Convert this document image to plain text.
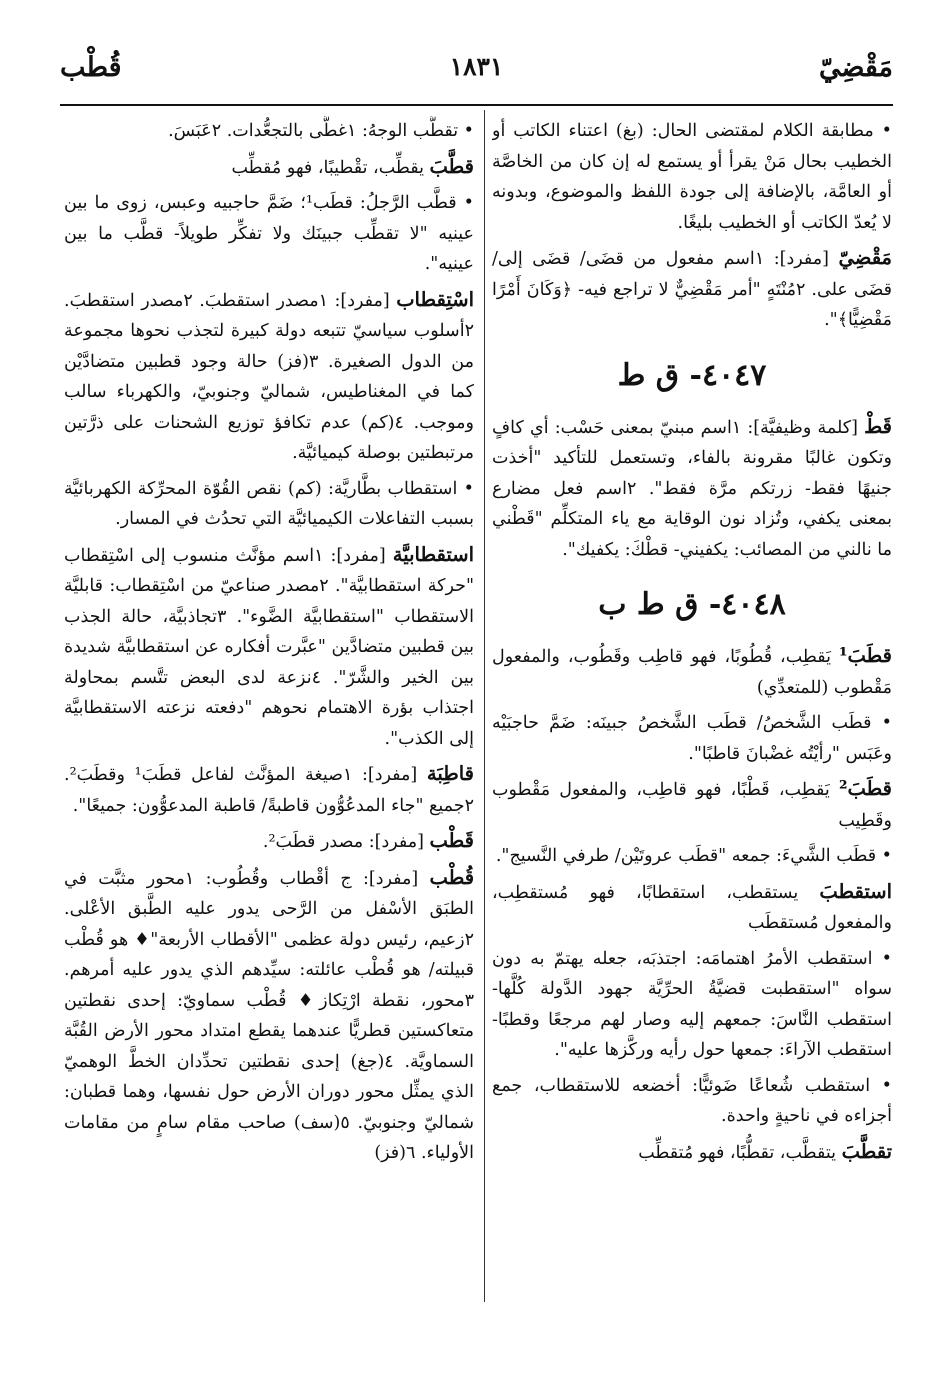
مَقْضِيّ
١٨٣١
قُطْب

• مطابقة الكلام لمقتضى الحال: (بغ) اعتناء الكاتب أو الخطيب بحال مَنْ يقرأ أو يستمع له إن كان من الخاصَّة أو العامَّة، بالإضافة إلى جودة اللفظ والموضوع، وبدونه لا يُعدّ الكاتب أو الخطيب بليغًا.

مَقْضِيّ [مفرد]: ١اسم مفعول من قضَى/ قضَى إلى/ قضَى على. ٢مُنْتَهٍ "أمر مَقْضِيٌّ لا تراجع فيه- ﴿وَكَانَ أَمْرًا مَقْضِيًّا﴾".

٤٠٤٧- ق ط

قَطْ [كلمة وظيفيَّة]: ١اسم مبنيّ بمعنى حَسْب: أي كافٍ وتكون غالبًا مقرونة بالفاء، وتستعمل للتأكيد "أخذت جنيهًا فقط- زرتكم مرَّة فقط". ٢اسم فعل مضارع بمعنى يكفي، وتُزاد نون الوقاية مع ياء المتكلِّم "قَطْني ما نالني من المصائب: يكفيني- قطْكَ: يكفيك".

٤٠٤٨- ق ط ب

قطَبَ¹ يَقطِب، قُطُوبًا، فهو قاطِب وقَطُوب، والمفعول مَقْطوب (للمتعدِّي)

• قطَب الشَّخصُ/ قطَب الشَّخصُ جبينَه: ضَمَّ حاجبَيْه وعَبَس "رأيْتُه غضْبانَ قاطبًا".

قطَبَ² يَقطِب، قَطْبًا، فهو قاطِب، والمفعول مَقْطوب وقَطِيب

• قطَب الشَّيءَ: جمعه "قطَب عروتَيْن/ طرفي النَّسيج".

استقطبَ يستقطب، استقطابًا، فهو مُستقطِب، والمفعول مُستقطَب

• استقطب الأمرُ اهتمامَه: اجتذبَه، جعله يهتمّ به دون سواه "استقطبت قضيَّةُ الحرِّيَّة جهود الدَّولة كُلَّها- استقطب النَّاسَ: جمعهم إليه وصار لهم مرجعًا وقطبًا- استقطب الآراءَ: جمعها حول رأيه وركَّزها عليه".

• استقطب شُعاعًا ضَوئيًّا: أخضعه للاستقطاب، جمع أجزاءه في ناحيةٍ واحدة.

تقطَّبَ يتقطَّب، تقطُّبًا، فهو مُتقطِّب

• تقطَّب الوجهُ: ١غطَّى بالتجعُّدات. ٢عَبَسَ.

قطَّبَ يقطِّب، تقْطيبًا، فهو مُقطِّب

• قطَّب الرَّجلُ: قطَب¹؛ ضَمَّ حاجبيه وعبس، زوى ما بين عينيه "لا تقطِّب جبينَك ولا تفكِّر طويلاً- قطَّب ما بين عينيه".

اسْتِقطاب [مفرد]: ١مصدر استقطبَ. ٢مصدر استقطبَ. ٢أسلوب سياسيّ تتبعه دولة كبيرة لتجذب نحوها مجموعة من الدول الصغيرة. ٣(فز) حالة وجود قطبين متضادَّيْن كما في المغناطيس، شماليّ وجنوبيّ، والكهرباء سالب وموجب. ٤(كم) عدم تكافؤ توزيع الشحنات على ذرَّتين مرتبطتين بوصلة كيميائيَّة.

• استقطاب بطَّاريَّة: (كم) نقص القُوّة المحرِّكة الكهربائيَّة بسبب التفاعلات الكيميائيَّة التي تحدُث في المسار.

استقطابيَّة [مفرد]: ١اسم مؤنَّث منسوب إلى اسْتِقطاب "حركة استقطابيَّة". ٢مصدر صناعيّ من اسْتِقطاب: قابليَّة الاستقطاب "استقطابيَّة الضَّوء". ٣تجاذبيَّة، حالة الجذب بين قطبين متضادَّين "عبَّرت أفكاره عن استقطابيَّة شديدة بين الخير والشَّرّ". ٤نزعة لدى البعض تتَّسم بمحاولة اجتذاب بؤرة الاهتمام نحوهم "دفعته نزعته الاستقطابيَّة إلى الكذب".

قاطِبَة [مفرد]: ١صيغة المؤنَّث لفاعل قطَبَ¹ وقطَبَ². ٢جميع "جاء المدعُوُّون قاطبةً/ قاطبة المدعوُّون: جميعًا".

قَطْب [مفرد]: مصدر قطَبَ².

قُطْب [مفرد]: ج أقْطاب وقُطُوب: ١محور مثبَّت في الطبَق الأسْفل من الرَّحى يدور عليه الطَّبق الأعْلى. ٢زعيم، رئيس دولة عظمى "الأقطاب الأربعة"♦ هو قُطْب قبيلته/ هو قُطْب عائلته: سيِّدهم الذي يدور عليه أمرهم. ٣محور، نقطة ارْتِكاز♦ قُطْب سماويّ: إحدى نقطتين متعاكستين قطريًّا عندهما يقطع امتداد محور الأرض القُبَّة السماويَّة. ٤(جغ) إحدى نقطتين تحدِّدان الخطَّ الوهميّ الذي يمثِّل محور دوران الأرض حول نفسها، وهما قطبان: شماليّ وجنوبيّ. ٥(سف) صاحب مقام سامٍ من مقامات الأولياء. ٦(فز)
